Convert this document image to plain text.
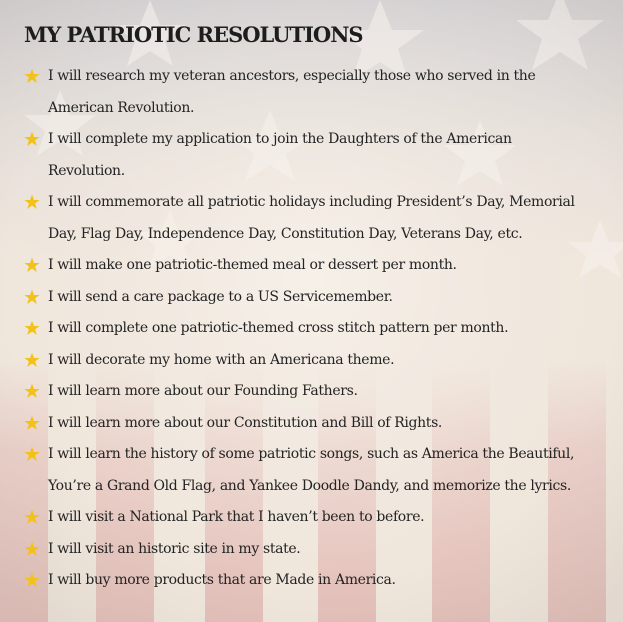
MY PATRIOTIC RESOLUTIONS
I will research my veteran ancestors, especially those who served in the
American Revolution.
I will complete my application to join the Daughters of the American
Revolution.
I will commemorate all patriotic holidays including President’s Day, Memorial
Day, Flag Day, Independence Day, Constitution Day, Veterans Day, etc.
I will make one patriotic-themed meal or dessert per month.
I will send a care package to a US Servicemember.
I will complete one patriotic-themed cross stitch pattern per month.
I will decorate my home with an Americana theme.
I will learn more about our Founding Fathers.
I will learn more about our Constitution and Bill of Rights.
I will learn the history of some patriotic songs, such as America the Beautiful,
You’re a Grand Old Flag, and Yankee Doodle Dandy, and memorize the lyrics.
I will visit a National Park that I haven’t been to before.
I will visit an historic site in my state.
I will buy more products that are Made in America.
